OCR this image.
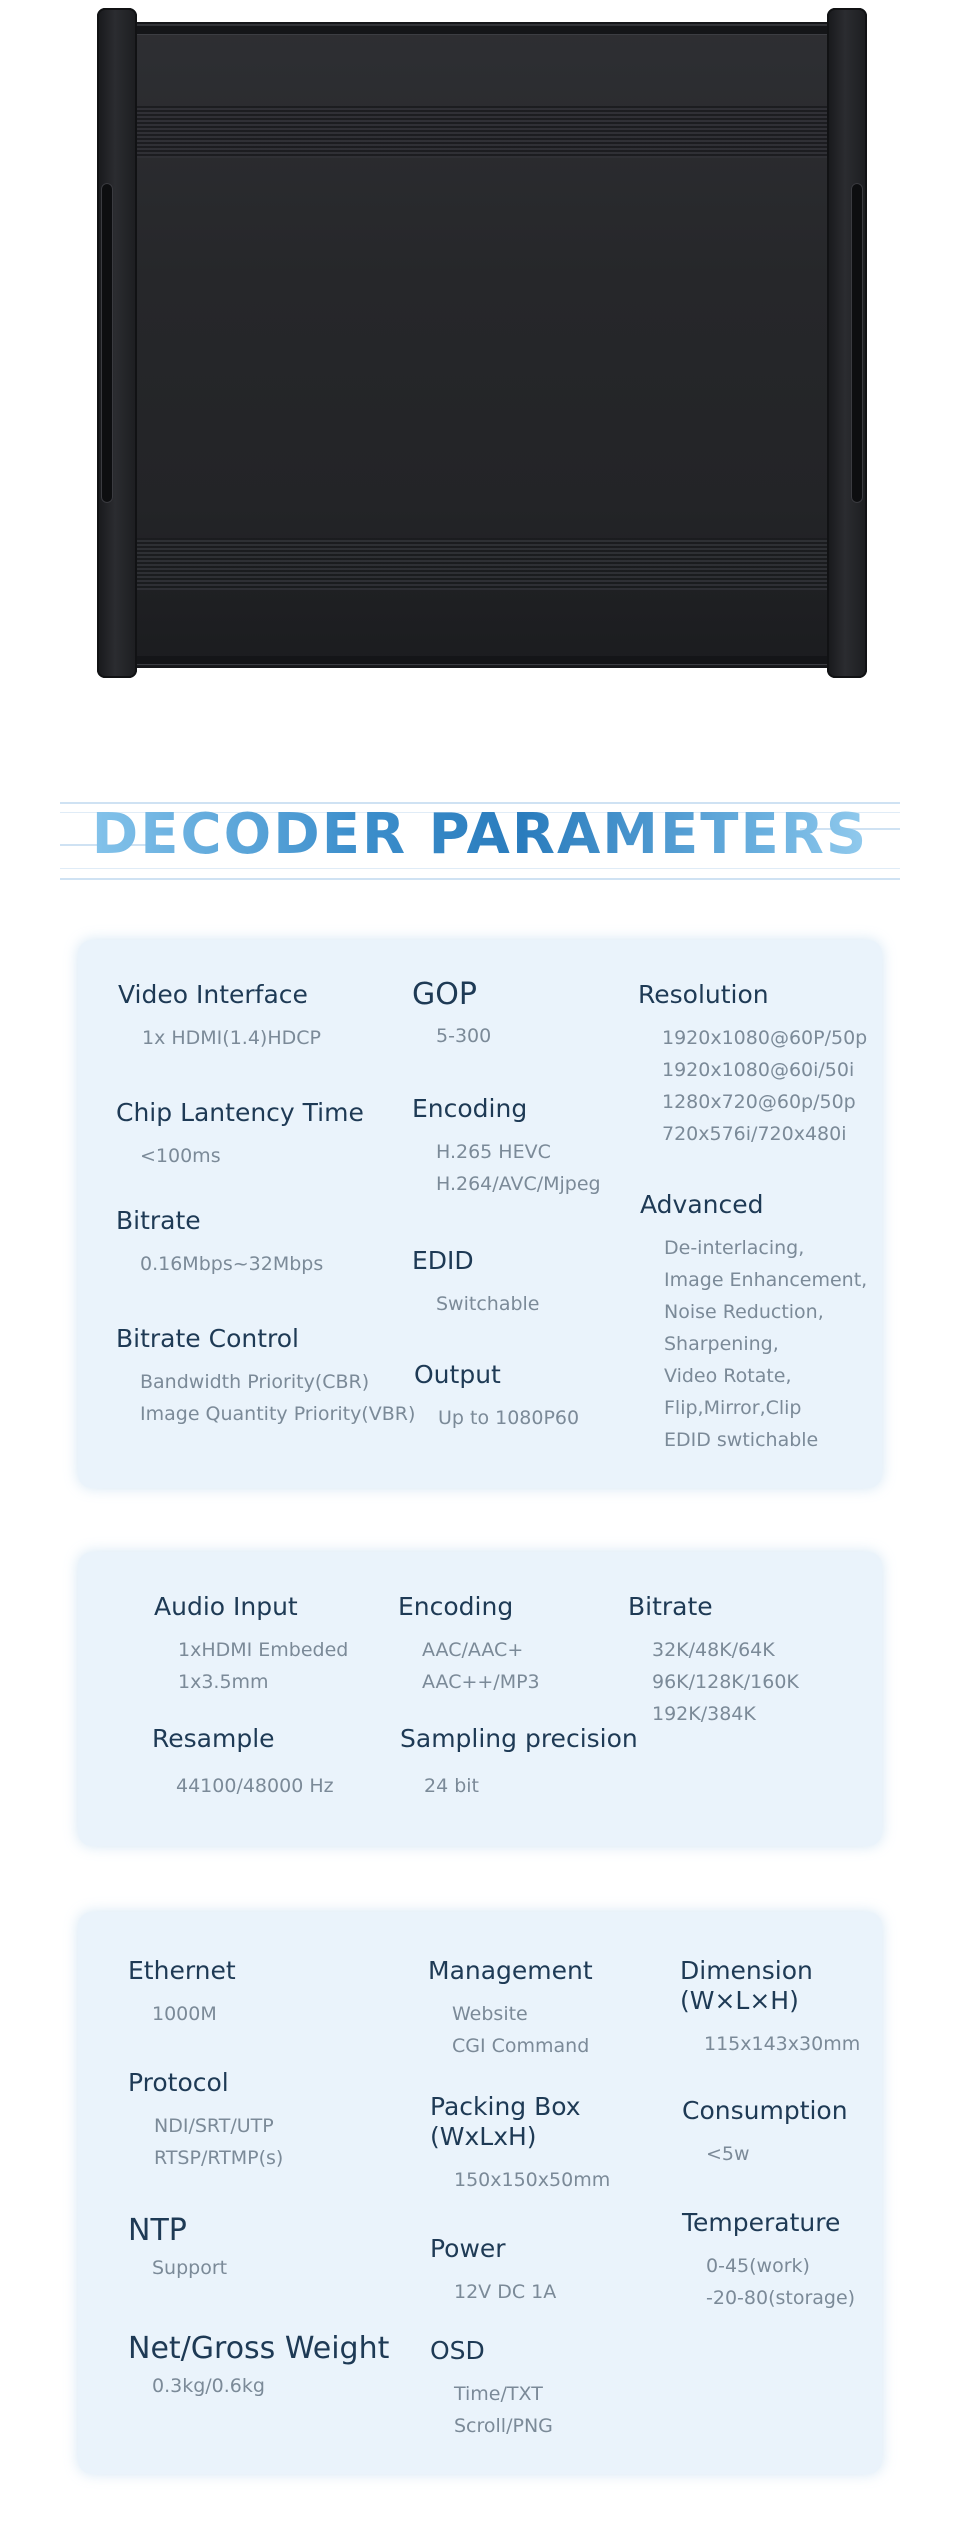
DECODER PARAMETERS
Video Interface
1x HDMI(1.4)HDCP
Chip Lantency Time
<100ms
Bitrate
0.16Mbps~32Mbps
Bitrate Control
Bandwidth Priority(CBR)
Image Quantity Priority(VBR)
GOP
5-300
Encoding
H.265 HEVC
H.264/AVC/Mjpeg
EDID
Switchable
Output
Up to 1080P60
Resolution
1920x1080@60P/50p
1920x1080@60i/50i
1280x720@60p/50p
720x576i/720x480i
Advanced
De-interlacing,
Image Enhancement,
Noise Reduction,
Sharpening,
Video Rotate,
Flip,Mirror,Clip
EDID swtichable
Audio Input
1xHDMI Embeded
1x3.5mm
Resample
44100/48000 Hz
Encoding
AAC/AAC+
AAC++/MP3
Sampling precision
24 bit
Bitrate
32K/48K/64K
96K/128K/160K
192K/384K
Ethernet
1000M
Protocol
NDI/SRT/UTP
RTSP/RTMP(s)
NTP
Support
Net/Gross Weight
0.3kg/0.6kg
Management
Website
CGI Command
Packing Box
(WxLxH)
150x150x50mm
Power
12V DC 1A
OSD
Time/TXT
Scroll/PNG
Dimension
(W×L×H)
115x143x30mm
Consumption
<5w
Temperature
0-45(work)
-20-80(storage)
